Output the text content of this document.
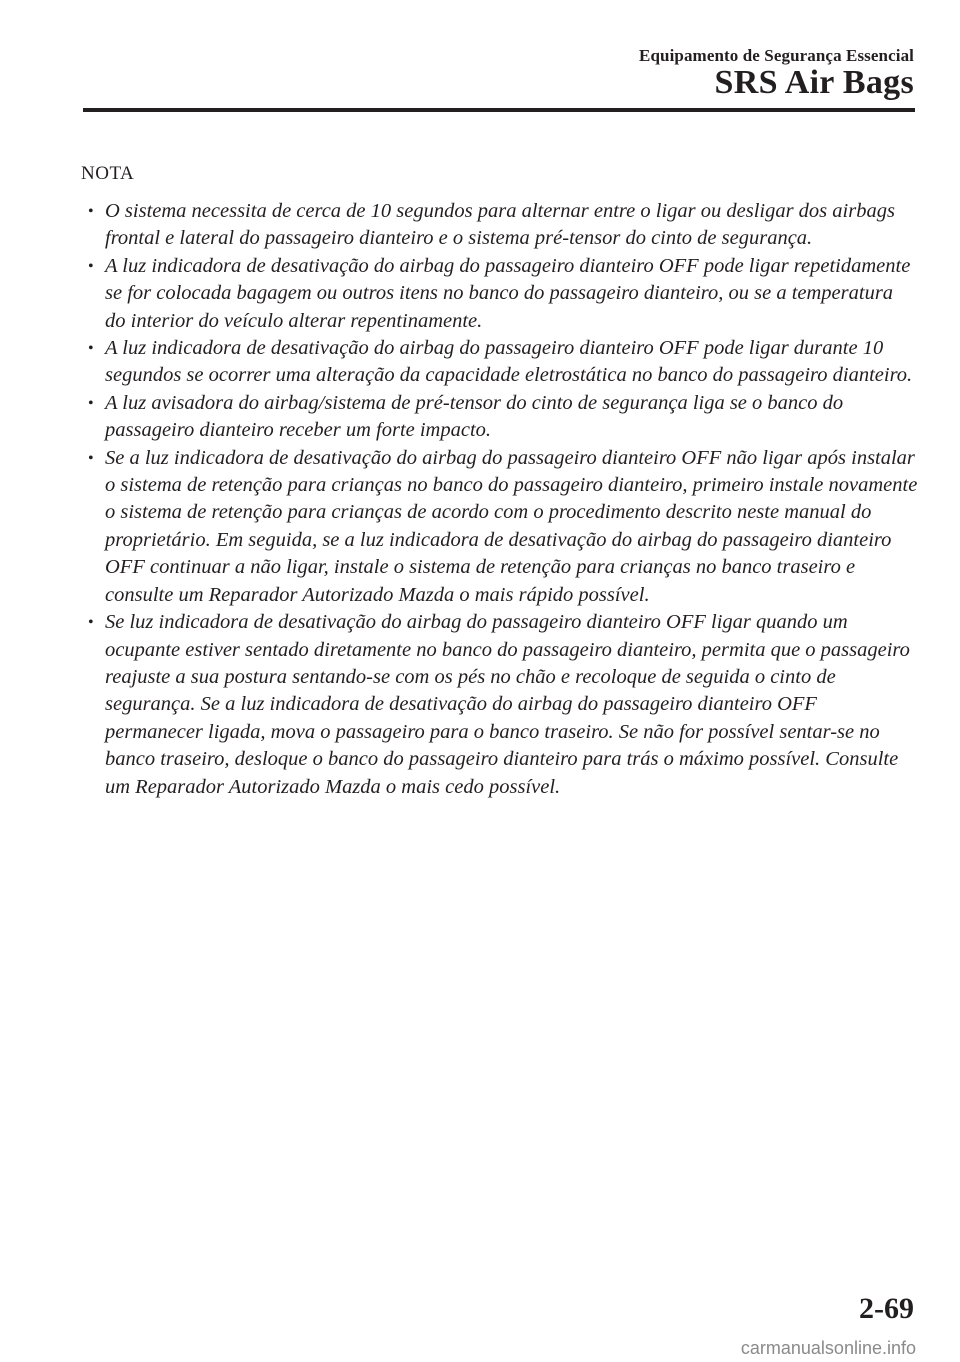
Equipamento de Segurança Essencial
SRS Air Bags
NOTA
• O sistema necessita de cerca de 10 segundos para alternar entre o ligar ou desligar dos airbags frontal e lateral do passageiro dianteiro e o sistema pré-tensor do cinto de segurança.
• A luz indicadora de desativação do airbag do passageiro dianteiro OFF pode ligar repetidamente se for colocada bagagem ou outros itens no banco do passageiro dianteiro, ou se a temperatura do interior do veículo alterar repentinamente.
• A luz indicadora de desativação do airbag do passageiro dianteiro OFF pode ligar durante 10 segundos se ocorrer uma alteração da capacidade eletrostática no banco do passageiro dianteiro.
• A luz avisadora do airbag/sistema de pré-tensor do cinto de segurança liga se o banco do passageiro dianteiro receber um forte impacto.
• Se a luz indicadora de desativação do airbag do passageiro dianteiro OFF não ligar após instalar o sistema de retenção para crianças no banco do passageiro dianteiro, primeiro instale novamente o sistema de retenção para crianças de acordo com o procedimento descrito neste manual do proprietário. Em seguida, se a luz indicadora de desativação do airbag do passageiro dianteiro OFF continuar a não ligar, instale o sistema de retenção para crianças no banco traseiro e consulte um Reparador Autorizado Mazda o mais rápido possível.
• Se luz indicadora de desativação do airbag do passageiro dianteiro OFF ligar quando um ocupante estiver sentado diretamente no banco do passageiro dianteiro, permita que o passageiro reajuste a sua postura sentando-se com os pés no chão e recoloque de seguida o cinto de segurança. Se a luz indicadora de desativação do airbag do passageiro dianteiro OFF permanecer ligada, mova o passageiro para o banco traseiro. Se não for possível sentar-se no banco traseiro, desloque o banco do passageiro dianteiro para trás o máximo possível. Consulte um Reparador Autorizado Mazda o mais cedo possível.
2-69
carmanualsonline.info
